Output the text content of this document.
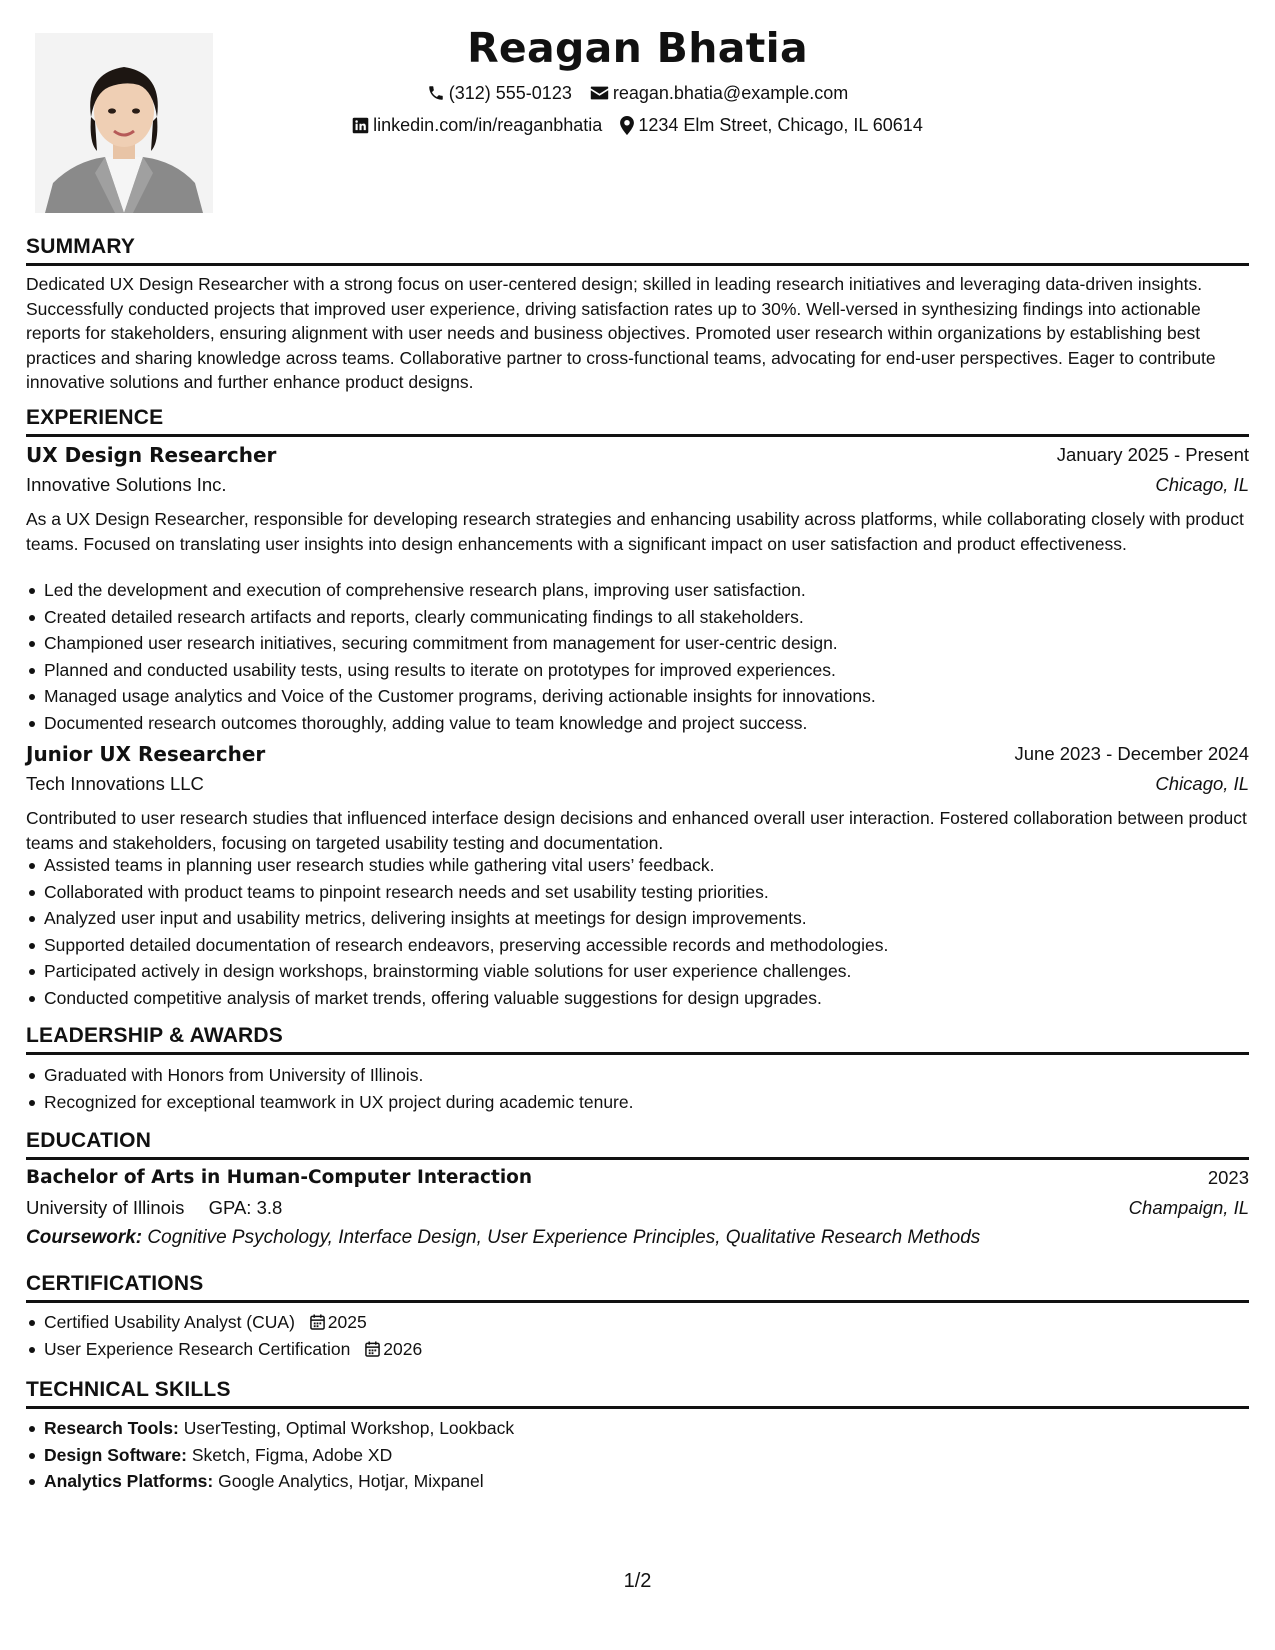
Reagan Bhatia
(312) 555-0123 reagan.bhatia@example.com
linkedin.com/in/reaganbhatia 1234 Elm Street, Chicago, IL 60614
SUMMARY
Dedicated UX Design Researcher with a strong focus on user-centered design; skilled in leading research initiatives and leveraging data-driven insights. Successfully conducted projects that improved user experience, driving satisfaction rates up to 30%. Well-versed in synthesizing findings into actionable reports for stakeholders, ensuring alignment with user needs and business objectives. Promoted user research within organizations by establishing best practices and sharing knowledge across teams. Collaborative partner to cross-functional teams, advocating for end-user perspectives. Eager to contribute innovative solutions and further enhance product designs.
EXPERIENCE
UX Design Researcher	January 2025 - Present
Innovative Solutions Inc.	Chicago, IL
As a UX Design Researcher, responsible for developing research strategies and enhancing usability across platforms, while collaborating closely with product teams. Focused on translating user insights into design enhancements with a significant impact on user satisfaction and product effectiveness.
Led the development and execution of comprehensive research plans, improving user satisfaction.
Created detailed research artifacts and reports, clearly communicating findings to all stakeholders.
Championed user research initiatives, securing commitment from management for user-centric design.
Planned and conducted usability tests, using results to iterate on prototypes for improved experiences.
Managed usage analytics and Voice of the Customer programs, deriving actionable insights for innovations.
Documented research outcomes thoroughly, adding value to team knowledge and project success.
Junior UX Researcher	June 2023 - December 2024
Tech Innovations LLC	Chicago, IL
Contributed to user research studies that influenced interface design decisions and enhanced overall user interaction. Fostered collaboration between product teams and stakeholders, focusing on targeted usability testing and documentation.
Assisted teams in planning user research studies while gathering vital users’ feedback.
Collaborated with product teams to pinpoint research needs and set usability testing priorities.
Analyzed user input and usability metrics, delivering insights at meetings for design improvements.
Supported detailed documentation of research endeavors, preserving accessible records and methodologies.
Participated actively in design workshops, brainstorming viable solutions for user experience challenges.
Conducted competitive analysis of market trends, offering valuable suggestions for design upgrades.
LEADERSHIP & AWARDS
Graduated with Honors from University of Illinois.
Recognized for exceptional teamwork in UX project during academic tenure.
EDUCATION
Bachelor of Arts in Human-Computer Interaction	2023
University of Illinois GPA: 3.8	Champaign, IL
Coursework: Cognitive Psychology, Interface Design, User Experience Principles, Qualitative Research Methods
CERTIFICATIONS
Certified Usability Analyst (CUA) 2025
User Experience Research Certification 2026
TECHNICAL SKILLS
Research Tools: UserTesting, Optimal Workshop, Lookback
Design Software: Sketch, Figma, Adobe XD
Analytics Platforms: Google Analytics, Hotjar, Mixpanel
1/2
